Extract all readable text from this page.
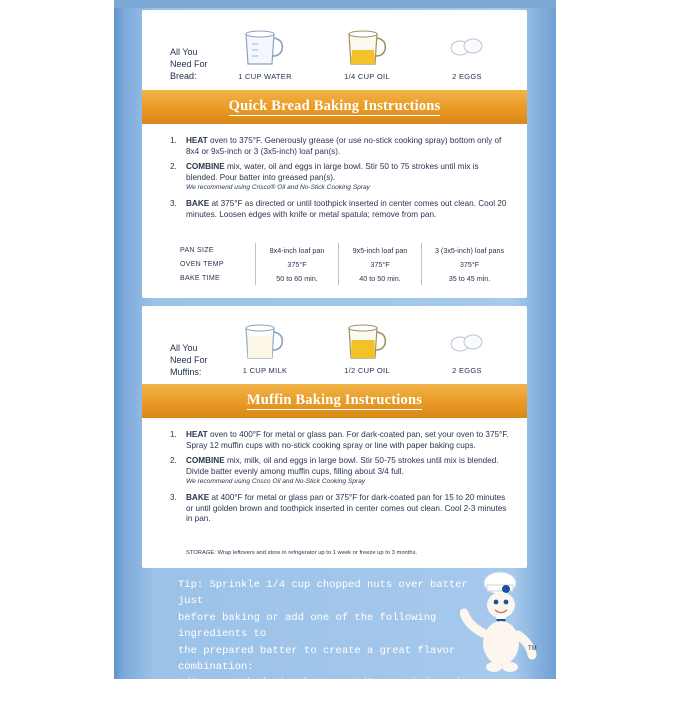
All You
Need For
Bread:	1 CUP WATER	1/4 CUP OIL	2 EGGS
Quick Bread Baking Instructions
1. HEAT oven to 375°F. Generously grease (or use no-stick cooking spray) bottom only of 8x4 or 9x5-inch or 3 (3x5-inch) loaf pan(s).
2. COMBINE mix, water, oil and eggs in large bowl. Stir 50 to 75 strokes until mix is blended. Pour batter into greased pan(s).
We recommend using Crisco® Oil and No-Stick Cooking Spray
3. BAKE at 375°F as directed or until toothpick inserted in center comes out clean. Cool 20 minutes. Loosen edges with knife or metal spatula; remove from pan.
PAN SIZE	8x4-inch loaf pan	9x5-inch loaf pan	3 (3x5-inch) loaf pans
OVEN TEMP	375°F	375°F	375°F
BAKE TIME	50 to 60 min.	40 to 50 min.	35 to 45 min.
All You
Need For
Muffins:	1 CUP MILK	1/2 CUP OIL	2 EGGS
Muffin Baking Instructions
1. HEAT oven to 400°F for metal or glass pan. For dark-coated pan, set your oven to 375°F. Spray 12 muffin cups with no-stick cooking spray or line with paper baking cups.
2. COMBINE mix, milk, oil and eggs in large bowl. Stir 50-75 strokes until mix is blended. Divide batter evenly among muffin cups, filling about 3/4 full.
We recommend using Crisco Oil and No-Stick Cooking Spray
3. BAKE at 400°F for metal or glass pan or 375°F for dark-coated pan for 15 to 20 minutes or until golden brown and toothpick inserted in center comes out clean. Cool 2-3 minutes in pan.
STORAGE: Wrap leftovers and store in refrigerator up to 1 week or freeze up to 3 months.
Tip: Sprinkle 1/4 cup chopped nuts over batter just
before baking or add one of the following ingredients to
the prepared batter to create a great flavor combination:
1/2 cup mashed ripe banana, 1/2 cup mini semi-sweet
chocolate chips or 1/2 cup chopped nuts.
TM
